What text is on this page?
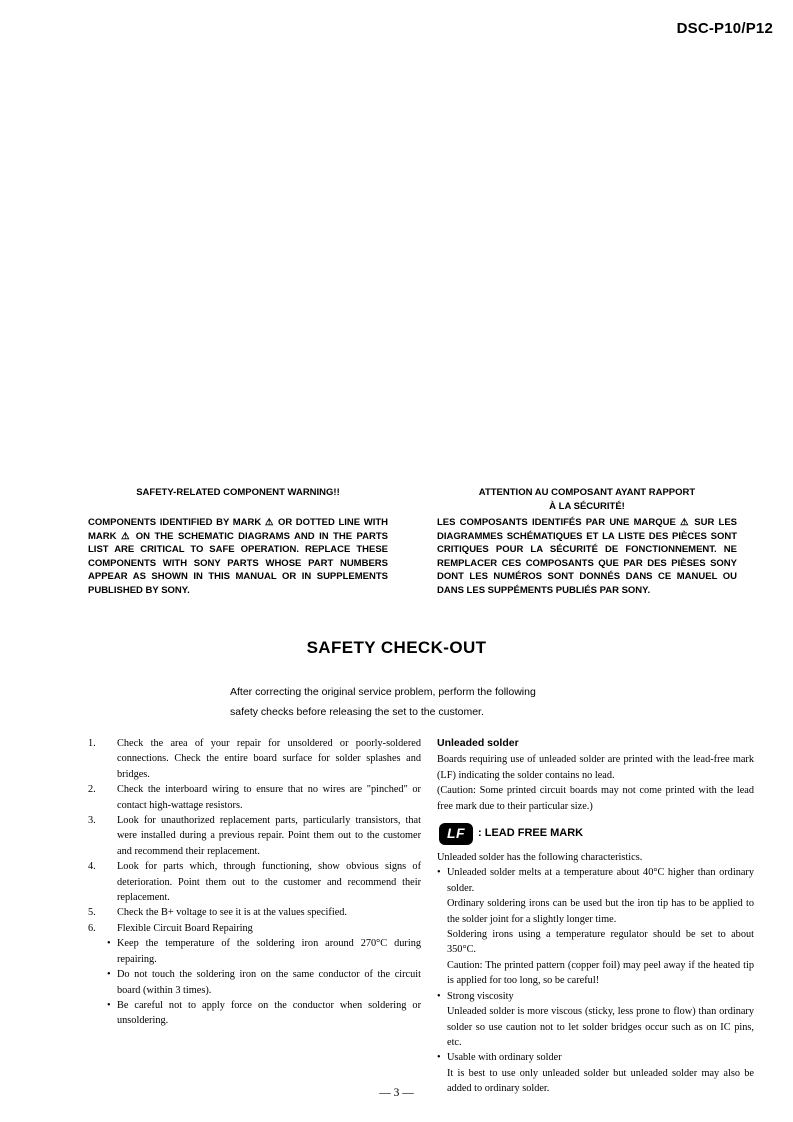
DSC-P10/P12
SAFETY-RELATED COMPONENT WARNING!!
COMPONENTS IDENTIFIED BY MARK ⚠ OR DOTTED LINE WITH MARK ⚠ ON THE SCHEMATIC DIAGRAMS AND IN THE PARTS LIST ARE CRITICAL TO SAFE OPERATION. REPLACE THESE COMPONENTS WITH SONY PARTS WHOSE PART NUMBERS APPEAR AS SHOWN IN THIS MANUAL OR IN SUPPLEMENTS PUBLISHED BY SONY.
ATTENTION AU COMPOSANT AYANT RAPPORT
À LA SÉCURITÉ!
LES COMPOSANTS IDENTIFÉS PAR UNE MARQUE ⚠ SUR LES DIAGRAMMES SCHÉMATIQUES ET LA LISTE DES PIÈCES SONT CRITIQUES POUR LA SÉCURITÉ DE FONCTIONNEMENT. NE REMPLACER CES COMPOSANTS QUE PAR DES PIÈSES SONY DONT LES NUMÉROS SONT DONNÉS DANS CE MANUEL OU DANS LES SUPPÉMENTS PUBLIÉS PAR SONY.
SAFETY CHECK-OUT
After correcting the original service problem, perform the following
safety checks before releasing the set to the customer.
1.	Check the area of your repair for unsoldered or poorly-soldered connections. Check the entire board surface for solder splashes and bridges.
2.	Check the interboard wiring to ensure that no wires are "pinched" or contact high-wattage resistors.
3.	Look for unauthorized replacement parts, particularly transistors, that were installed during a previous repair. Point them out to the customer and recommend their replacement.
4.	Look for parts which, through functioning, show obvious signs of deterioration. Point them out to the customer and recommend their replacement.
5.	Check the B+ voltage to see it is at the values specified.
6.	Flexible Circuit Board Repairing
• Keep the temperature of the soldering iron around 270°C during repairing.
• Do not touch the soldering iron on the same conductor of the circuit board (within 3 times).
• Be careful not to apply force on the conductor when soldering or unsoldering.
Unleaded solder
Boards requiring use of unleaded solder are printed with the lead-free mark (LF) indicating the solder contains no lead.
(Caution: Some printed circuit boards may not come printed with the lead free mark due to their particular size.)
LF	: LEAD FREE MARK
Unleaded solder has the following characteristics.
• Unleaded solder melts at a temperature about 40°C higher than ordinary solder.
Ordinary soldering irons can be used but the iron tip has to be applied to the solder joint for a slightly longer time.
Soldering irons using a temperature regulator should be set to about 350°C.
Caution: The printed pattern (copper foil) may peel away if the heated tip is applied for too long, so be careful!
• Strong viscosity
Unleaded solder is more viscous (sticky, less prone to flow) than ordinary solder so use caution not to let solder bridges occur such as on IC pins, etc.
• Usable with ordinary solder
It is best to use only unleaded solder but unleaded solder may also be added to ordinary solder.
— 3 —
